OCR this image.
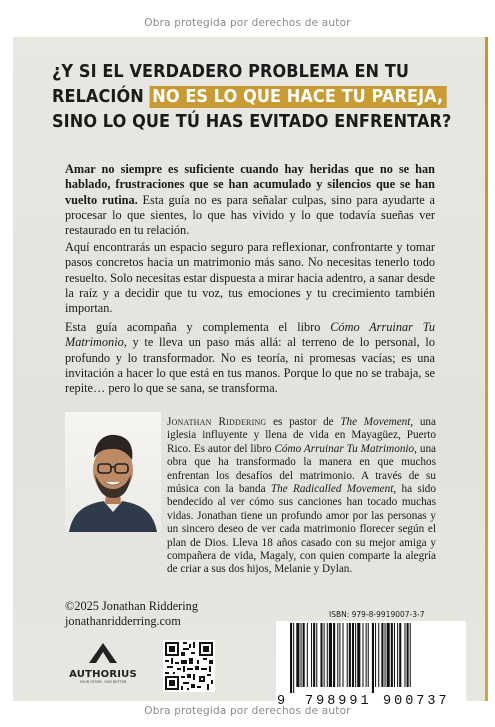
Obra protegida por derechos de autor
¿Y SI EL VERDADERO PROBLEMA EN TU
RELACIÓN NO ES LO QUE HACE TU PAREJA,
SINO LO QUE TÚ HAS EVITADO ENFRENTAR?
Amar no siempre es suficiente cuando hay heridas que no se han hablado, frustraciones que se han acumulado y silencios que se han vuelto rutina. Esta guía no es para señalar culpas, sino para ayudarte a procesar lo que sientes, lo que has vivido y lo que todavía sueñas ver restaurado en tu relación.
Aquí encontrarás un espacio seguro para reflexionar, confrontarte y tomar pasos concretos hacia un matrimonio más sano. No necesitas tenerlo todo resuelto. Solo necesitas estar dispuesta a mirar hacia adentro, a sanar desde la raíz y a decidir que tu voz, tus emociones y tu crecimiento también importan.
Esta guía acompaña y complementa el libro Cómo Arruinar Tu Matrimonio, y te lleva un paso más allá: al terreno de lo personal, lo profundo y lo transformador. No es teoría, ni promesas vacías; es una invitación a hacer lo que está en tus manos. Porque lo que no se trabaja, se repite… pero lo que se sana, se transforma.
Jonathan Riddering es pastor de The Movement, una iglesia influyente y llena de vida en Mayagüez, Puerto Rico. Es autor del libro Cómo Arruinar Tu Matrimonio, una obra que ha transformado la manera en que muchos enfrentan los desafíos del matrimonio. A través de su música con la banda The Radicalled Movement, ha sido bendecido al ver cómo sus canciones han tocado muchas vidas. Jonathan tiene un profundo amor por las personas y un sincero deseo de ver cada matrimonio florecer según el plan de Dios. Lleva 18 años casado con su mejor amiga y compañera de vida, Magaly, con quien comparte la alegría de criar a sus dos hijos, Melanie y Dylan.
©2025 Jonathan Riddering
jonathanridderring.com
AUTHORIUS
YOUR STORY, OUR BETTER
ISBN: 979-8-9919007-3-7
9 798991 900737
Obra protegida por derechos de autor
